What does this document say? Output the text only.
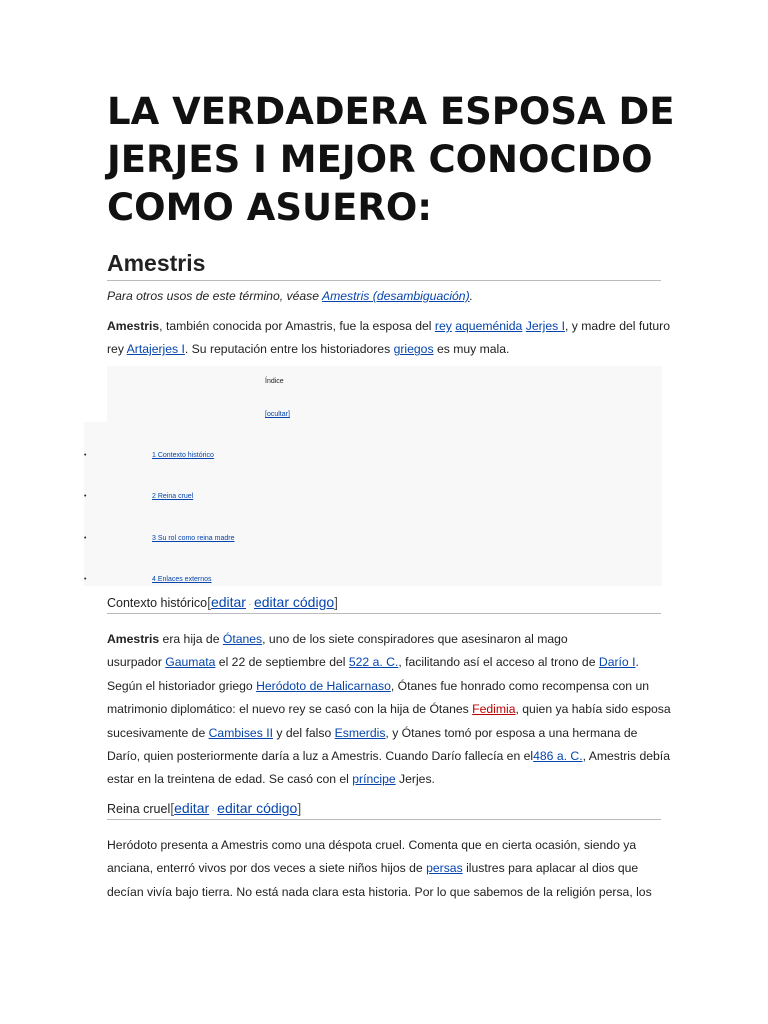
LA VERDADERA ESPOSA DE JERJES I MEJOR CONOCIDO COMO ASUERO:
Amestris
Para otros usos de este término, véase Amestris (desambiguación).
Amestris, también conocida por Amastris, fue la esposa del rey aqueménida Jerjes I, y madre del futuro
rey Artajerjes I. Su reputación entre los historiadores griegos es muy mala.
Índice
[ocultar]
•	1 Contexto histórico
•	2 Reina cruel
•	3 Su rol como reina madre
•	4 Enlaces externos
Contexto histórico[editar · editar código]
Amestris era hija de Ótanes, uno de los siete conspiradores que asesinaron al mago
usurpador Gaumata el 22 de septiembre del 522 a. C., facilitando así el acceso al trono de Darío I.
Según el historiador griego Heródoto de Halicarnaso, Ótanes fue honrado como recompensa con un
matrimonio diplomático: el nuevo rey se casó con la hija de Ótanes Fedimia, quien ya había sido esposa
sucesivamente de Cambises II y del falso Esmerdis, y Ótanes tomó por esposa a una hermana de
Darío, quien posteriormente daría a luz a Amestris. Cuando Darío fallecía en el486 a. C., Amestris debía
estar en la treintena de edad. Se casó con el príncipe Jerjes.
Reina cruel[editar · editar código]
Heródoto presenta a Amestris como una déspota cruel. Comenta que en cierta ocasión, siendo ya
anciana, enterró vivos por dos veces a siete niños hijos de persas ilustres para aplacar al dios que
decían vivía bajo tierra. No está nada clara esta historia. Por lo que sabemos de la religión persa, los
